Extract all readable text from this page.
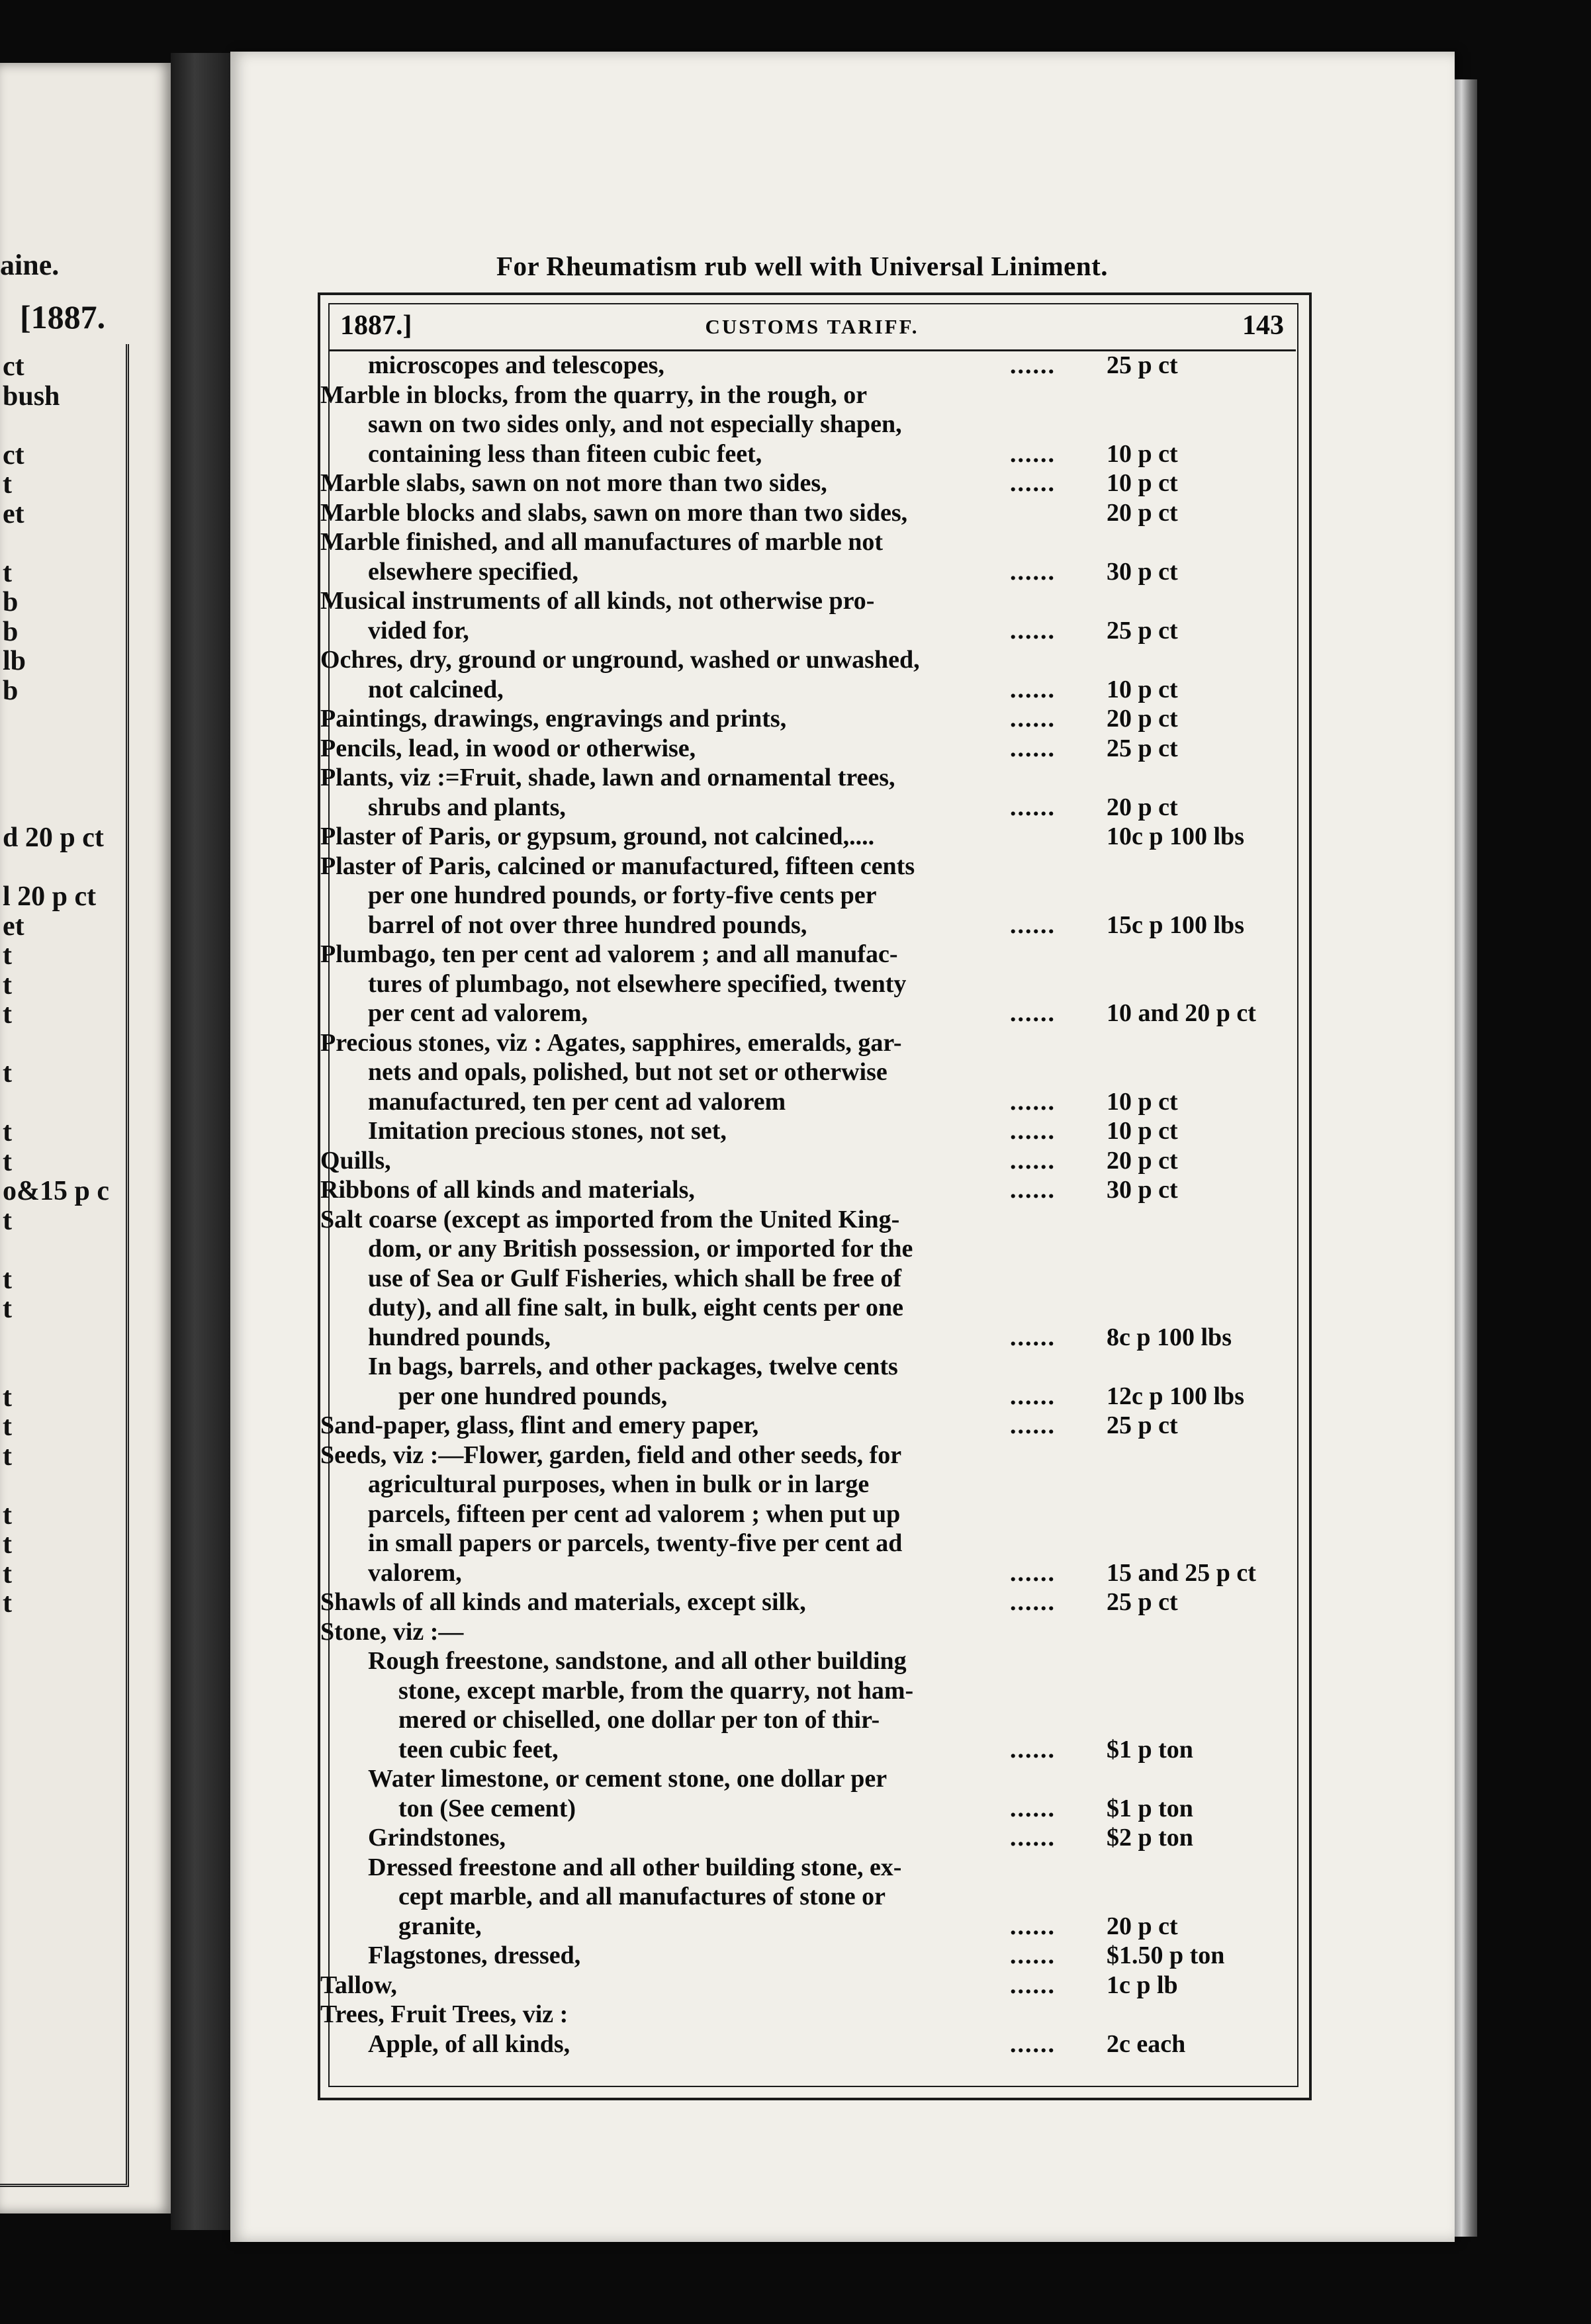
aine.
[1887.
ct
bush
ct
t
et
t
b
b
lb
b
d 20 p ct
l 20 p ct
et
t
t
t
t
t
t
o&15 p c
t
t
t
t
t
t
t
t
t
t
For Rheumatism rub well with Universal Liniment.
1887.]	CUSTOMS TARIFF.	143
microscopes and telescopes,	...... 25 p ct
Marble in blocks, from the quarry, in the rough, or
sawn on two sides only, and not especially shapen,
containing less than fiteen cubic feet,	...... 10 p ct
Marble slabs, sawn on not more than two sides,	...... 10 p ct
Marble blocks and slabs, sawn on more than two sides,	20 p ct
Marble finished, and all manufactures of marble not
elsewhere specified,	...... 30 p ct
Musical instruments of all kinds, not otherwise pro-
vided for,	...... 25 p ct
Ochres, dry, ground or unground, washed or unwashed,
not calcined,	...... 10 p ct
Paintings, drawings, engravings and prints,	...... 20 p ct
Pencils, lead, in wood or otherwise,	...... 25 p ct
Plants, viz :=Fruit, shade, lawn and ornamental trees,
shrubs and plants,	...... 20 p ct
Plaster of Paris, or gypsum, ground, not calcined,....	10c p 100 lbs
Plaster of Paris, calcined or manufactured, fifteen cents
per one hundred pounds, or forty-five cents per
barrel of not over three hundred pounds,	...... 15c p 100 lbs
Plumbago, ten per cent ad valorem ; and all manufac-
tures of plumbago, not elsewhere specified, twenty
per cent ad valorem,	...... 10 and 20 p ct
Precious stones, viz : Agates, sapphires, emeralds, gar-
nets and opals, polished, but not set or otherwise
manufactured, ten per cent ad valorem	...... 10 p ct
Imitation precious stones, not set,	...... 10 p ct
Quills,	...... 20 p ct
Ribbons of all kinds and materials,	...... 30 p ct
Salt coarse (except as imported from the United King-
dom, or any British possession, or imported for the
use of Sea or Gulf Fisheries, which shall be free of
duty), and all fine salt, in bulk, eight cents per one
hundred pounds,	...... 8c p 100 lbs
In bags, barrels, and other packages, twelve cents
per one hundred pounds,	...... 12c p 100 lbs
Sand-paper, glass, flint and emery paper,	...... 25 p ct
Seeds, viz :—Flower, garden, field and other seeds, for
agricultural purposes, when in bulk or in large
parcels, fifteen per cent ad valorem ; when put up
in small papers or parcels, twenty-five per cent ad
valorem,	...... 15 and 25 p ct
Shawls of all kinds and materials, except silk,	...... 25 p ct
Stone, viz :—
Rough freestone, sandstone, and all other building
stone, except marble, from the quarry, not ham-
mered or chiselled, one dollar per ton of thir-
teen cubic feet,	...... $1 p ton
Water limestone, or cement stone, one dollar per
ton (See cement)	...... $1 p ton
Grindstones,	...... $2 p ton
Dressed freestone and all other building stone, ex-
cept marble, and all manufactures of stone or
granite,	...... 20 p ct
Flagstones, dressed,	...... $1.50 p ton
Tallow,	...... 1c p lb
Trees, Fruit Trees, viz :
Apple, of all kinds,	...... 2c each
